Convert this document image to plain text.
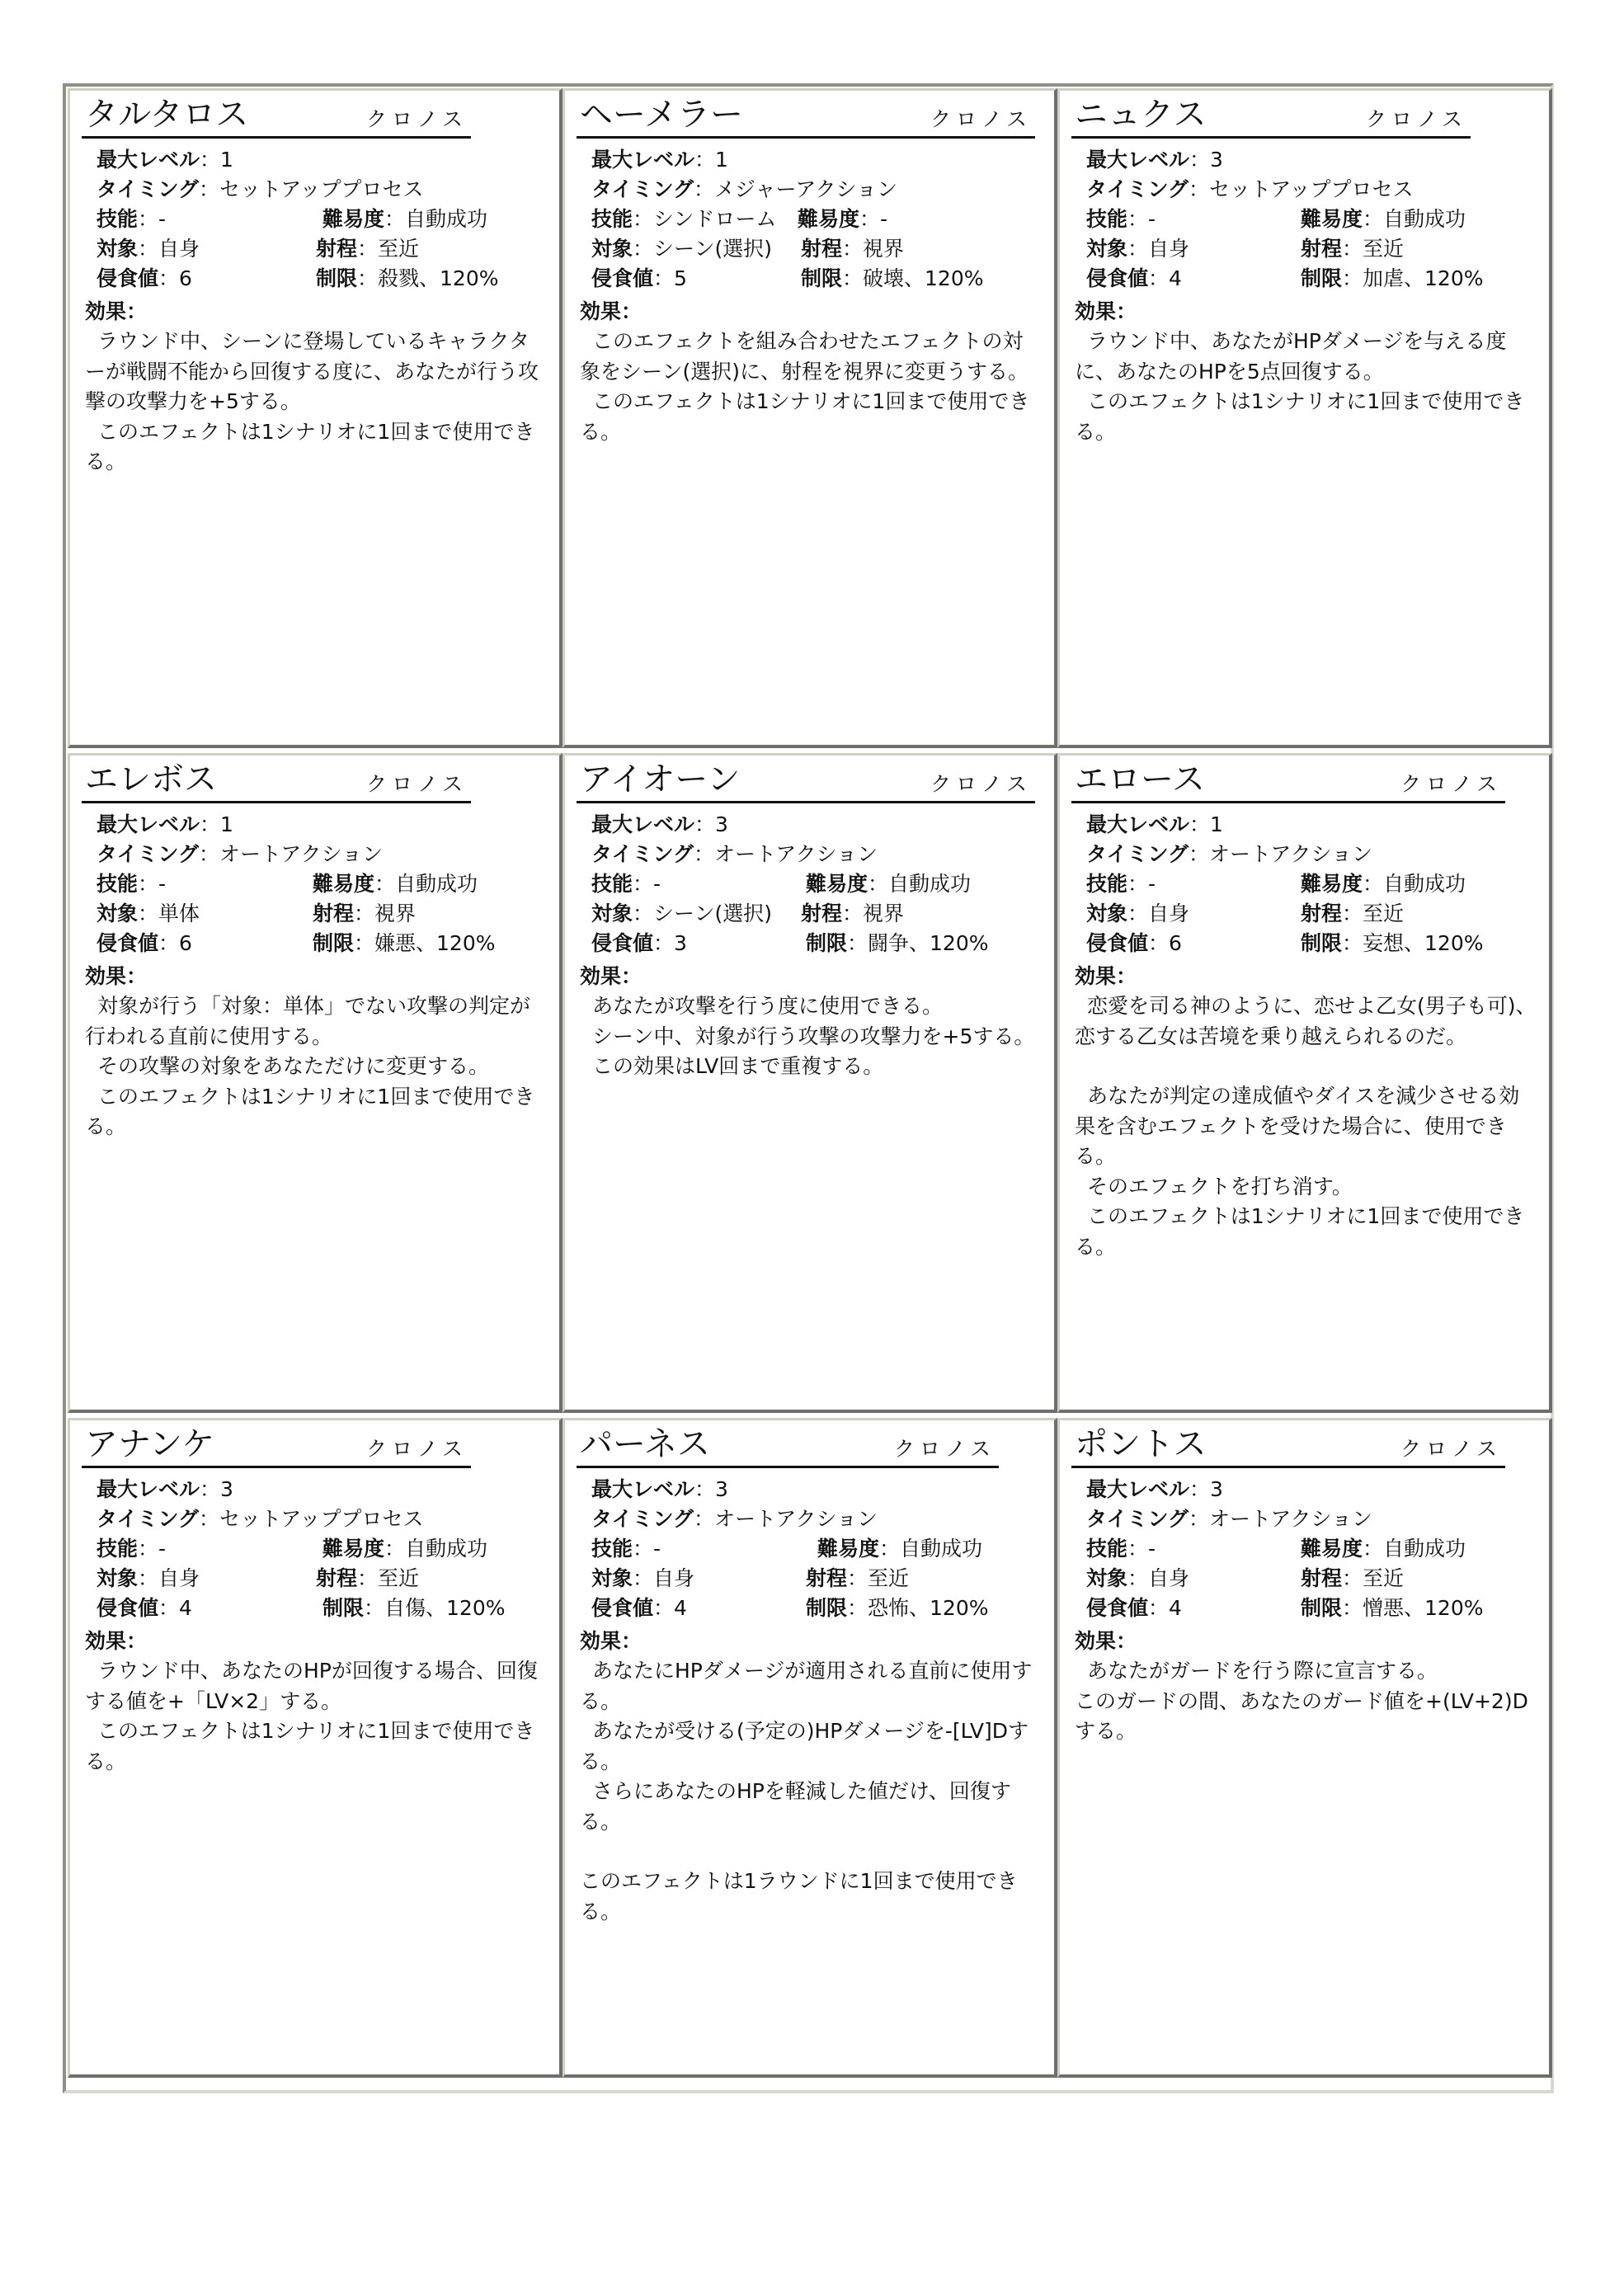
タルタロス	クロノス
最大レベル：1
タイミング：セットアッププロセス
技能：-	難易度：自動成功
対象：自身	射程：至近
侵食値：6	制限：殺戮、120%
効果：

ラウンド中、シーンに登場しているキャラクターが戦闘不能から回復する度に、あなたが行う攻撃の攻撃力を+5する。

このエフェクトは1シナリオに1回まで使用できる。

ヘーメラー	クロノス
最大レベル：1
タイミング：メジャーアクション
技能：シンドローム 難易度：-
対象：シーン(選択) 射程：視界
侵食値：5	制限：破壊、120%
効果：

このエフェクトを組み合わせたエフェクトの対象をシーン(選択)に、射程を視界に変更うする。

このエフェクトは1シナリオに1回まで使用できる。

ニュクス	クロノス
最大レベル：3
タイミング：セットアッププロセス
技能：-	難易度：自動成功
対象：自身	射程：至近
侵食値：4	制限：加虐、120%
効果：

ラウンド中、あなたがHPダメージを与える度に、あなたのHPを5点回復する。

このエフェクトは1シナリオに1回まで使用できる。

エレボス	クロノス
最大レベル：1
タイミング：オートアクション
技能：-	難易度：自動成功
対象：単体	射程：視界
侵食値：6	制限：嫌悪、120%
効果：

対象が行う「対象：単体」でない攻撃の判定が行われる直前に使用する。

その攻撃の対象をあなただけに変更する。

このエフェクトは1シナリオに1回まで使用できる。

アイオーン	クロノス
最大レベル：3
タイミング：オートアクション
技能：-	難易度：自動成功
対象：シーン(選択) 射程：視界
侵食値：3	制限：闘争、120%
効果：

あなたが攻撃を行う度に使用できる。

シーン中、対象が行う攻撃の攻撃力を+5する。

この効果はLV回まで重複する。

エロース	クロノス
最大レベル：1
タイミング：オートアクション
技能：-	難易度：自動成功
対象：自身	射程：至近
侵食値：6	制限：妄想、120%
効果：

恋愛を司る神のように、恋せよ乙女(男子も可)、恋する乙女は苦境を乗り越えられるのだ。

あなたが判定の達成値やダイスを減少させる効果を含むエフェクトを受けた場合に、使用できる。

そのエフェクトを打ち消す。

このエフェクトは1シナリオに1回まで使用できる。

アナンケ	クロノス
最大レベル：3
タイミング：セットアッププロセス
技能：-	難易度：自動成功
対象：自身	射程：至近
侵食値：4	制限：自傷、120%
効果：

ラウンド中、あなたのHPが回復する場合、回復する値を+「LV×2」する。

このエフェクトは1シナリオに1回まで使用できる。

パーネス	クロノス
最大レベル：3
タイミング：オートアクション
技能：-	難易度：自動成功
対象：自身	射程：至近
侵食値：4	制限：恐怖、120%
効果：

あなたにHPダメージが適用される直前に使用する。

あなたが受ける(予定の)HPダメージを-[LV]Dする。

さらにあなたのHPを軽減した値だけ、回復する。

このエフェクトは1ラウンドに1回まで使用できる。

ポントス	クロノス
最大レベル：3
タイミング：オートアクション
技能：-	難易度：自動成功
対象：自身	射程：至近
侵食値：4	制限：憎悪、120%
効果：

あなたがガードを行う際に宣言する。

このガードの間、あなたのガード値を+(LV+2)Dする。
